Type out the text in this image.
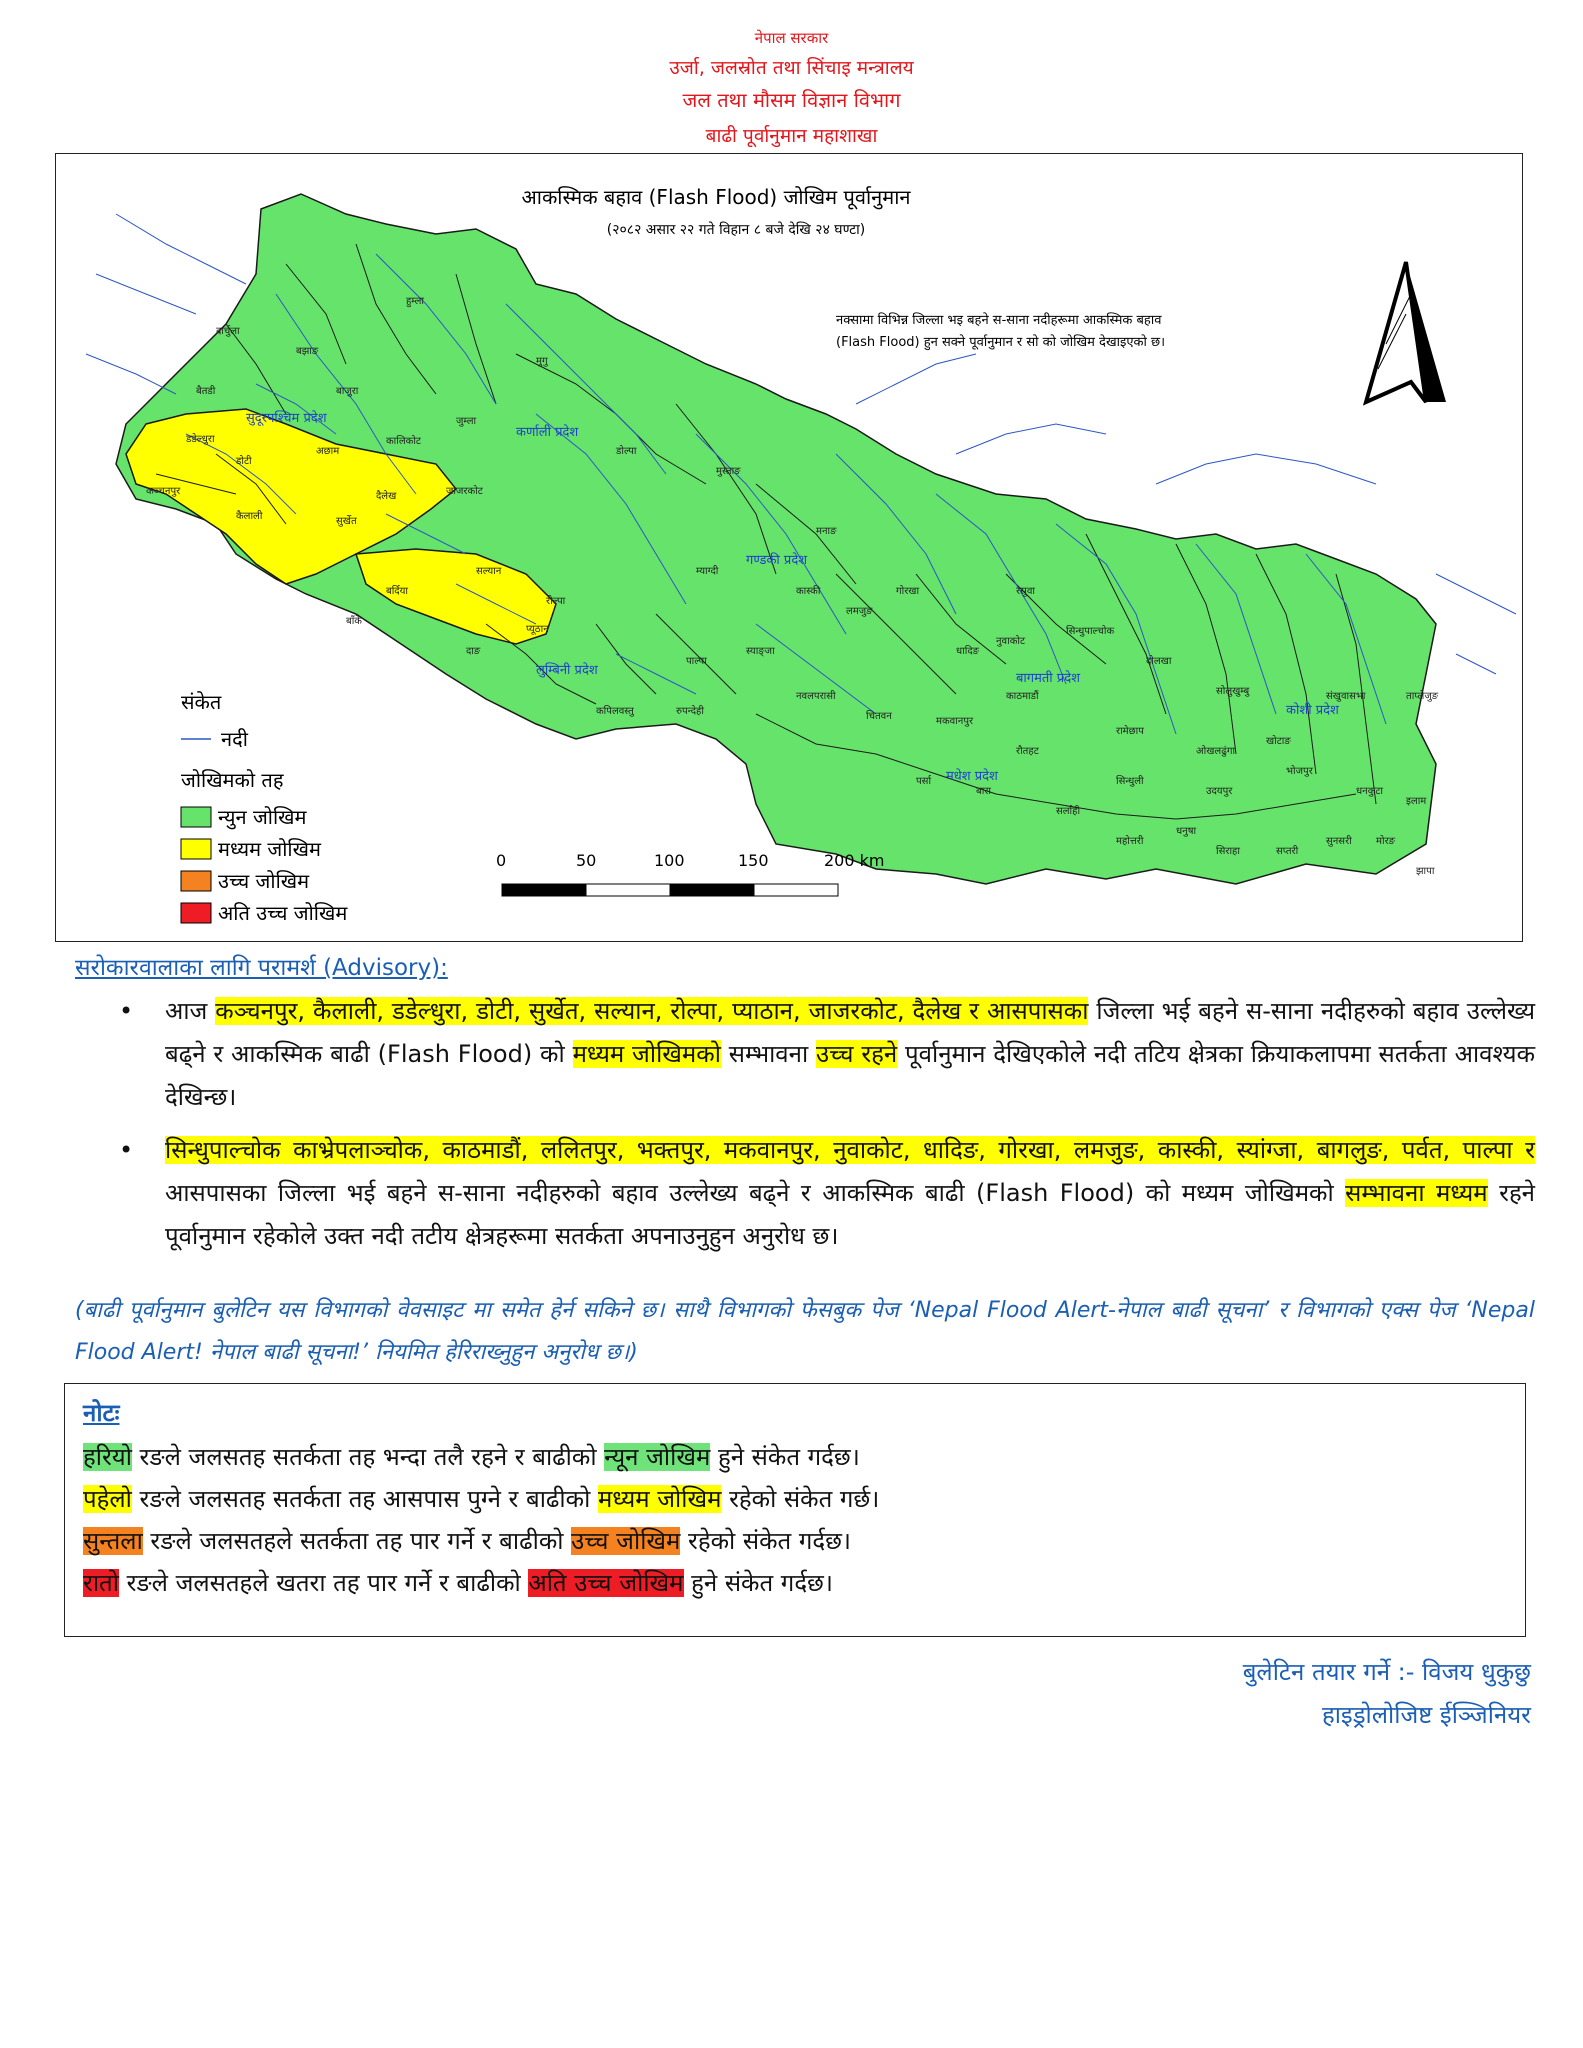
नेपाल सरकार
उर्जा, जलस्रोत तथा सिंचाइ मन्त्रालय
जल तथा मौसम विज्ञान विभाग
बाढी पूर्वानुमान महाशाखा
आकस्मिक बहाव (Flash Flood) जोखिम पूर्वानुमान
(२०८२ असार २२ गते विहान ८ बजे देखि २४ घण्टा)
नक्सामा विभिन्न जिल्ला भइ बहने स-साना नदीहरूमा आकस्मिक बहाव
(Flash Flood) हुन सक्ने पूर्वानुमान र सो को जोखिम देखाइएको छ।
सुदूरपश्चिम प्रदेश
कर्णाली प्रदेश
गण्डकी प्रदेश
लुम्बिनी प्रदेश
बागमती प्रदेश
मधेश प्रदेश
कोशी प्रदेश
डडेल्धुरा
डोटी
कञ्चनपुर
कैलाली	सुर्खेत
दैलेख	जाजरकोट
सल्यान
रोल्पा
प्यूठान
अछाम
दार्चुला
बैतडी
बझाङ
बाजुरा
हुम्ला
मुगु
जुम्ला
कालिकोट
डोल्पा
मुस्ताङ
म्याग्दी
मनाङ
कास्की
लमजुङ
गोरखा	रसुवा
नुवाकोट
धादिङ
सिन्धुपाल्चोक
दोलखा
सोलुखुम्बु	संखुवासभा	ताप्लेजुङ
बाँके
बर्दिया
दाङ
कपिलवस्तु	रुपन्देही
पाल्पा
स्याङ्जा
नवलपरासी
चितवन	मकवानपुर
पर्सा
बारा
रौतहट
सर्लाही
महोत्तरी
धनुषा
सिराहा	सप्तरी
सुनसरी मोरङ
झापा
इलाम
धनकुटा
भोजपुर
उदयपुर
ओखलढुंगा
खोटाङ
रामेछाप
सिन्धुली
काठमाडौं
संकेत
नदी
जोखिमको तह
न्युन जोखिम
मध्यम जोखिम
उच्च जोखिम
अति उच्च जोखिम
0	50	100	150	200 km
सरोकारवालाका लागि परामर्श (Advisory):
• आज कञ्चनपुर, कैलाली, डडेल्धुरा, डोटी, सुर्खेत, सल्यान, रोल्पा, प्याठान, जाजरकोट, दैलेख र आसपासका जिल्ला भई बहने स-साना नदीहरुको बहाव उल्लेख्य बढ्ने र आकस्मिक बाढी (Flash Flood) को मध्यम जोखिमको सम्भावना उच्च रहने पूर्वानुमान देखिएकोले नदी तटिय क्षेत्रका क्रियाकलापमा सतर्कता आवश्यक देखिन्छ।
• सिन्धुपाल्चोक काभ्रेपलाञ्चोक, काठमाडौं, ललितपुर, भक्तपुर, मकवानपुर, नुवाकोट, धादिङ, गोरखा, लमजुङ, कास्की, स्यांग्जा, बागलुङ, पर्वत, पाल्पा र आसपासका जिल्ला भई बहने स-साना नदीहरुको बहाव उल्लेख्य बढ्ने र आकस्मिक बाढी (Flash Flood) को मध्यम जोखिमको सम्भावना मध्यम रहने पूर्वानुमान रहेकोले उक्त नदी तटीय क्षेत्रहरूमा सतर्कता अपनाउनुहुन अनुरोध छ।
(बाढी पूर्वानुमान बुलेटिन यस विभागको वेवसाइट मा समेत हेर्न सकिने छ। साथै विभागको फेसबुक पेज ‘Nepal Flood Alert-नेपाल बाढी सूचना’ र विभागको एक्स पेज ‘Nepal Flood Alert! नेपाल बाढी सूचना!’ नियमित हेरिराख्नुहुन अनुरोध छ।)
नोटः
हरियो रङले जलसतह सतर्कता तह भन्दा तलै रहने र बाढीको न्यून जोखिम हुने संकेत गर्दछ।
पहेलो रङले जलसतह सतर्कता तह आसपास पुग्ने र बाढीको मध्यम जोखिम रहेको संकेत गर्छ।
सुन्तला रङले जलसतहले सतर्कता तह पार गर्ने र बाढीको उच्च जोखिम रहेको संकेत गर्दछ।
रातो रङले जलसतहले खतरा तह पार गर्ने र बाढीको अति उच्च जोखिम हुने संकेत गर्दछ।
बुलेटिन तयार गर्ने :- विजय धुकुछु
हाइड्रोलोजिष्ट ईञ्जिनियर
